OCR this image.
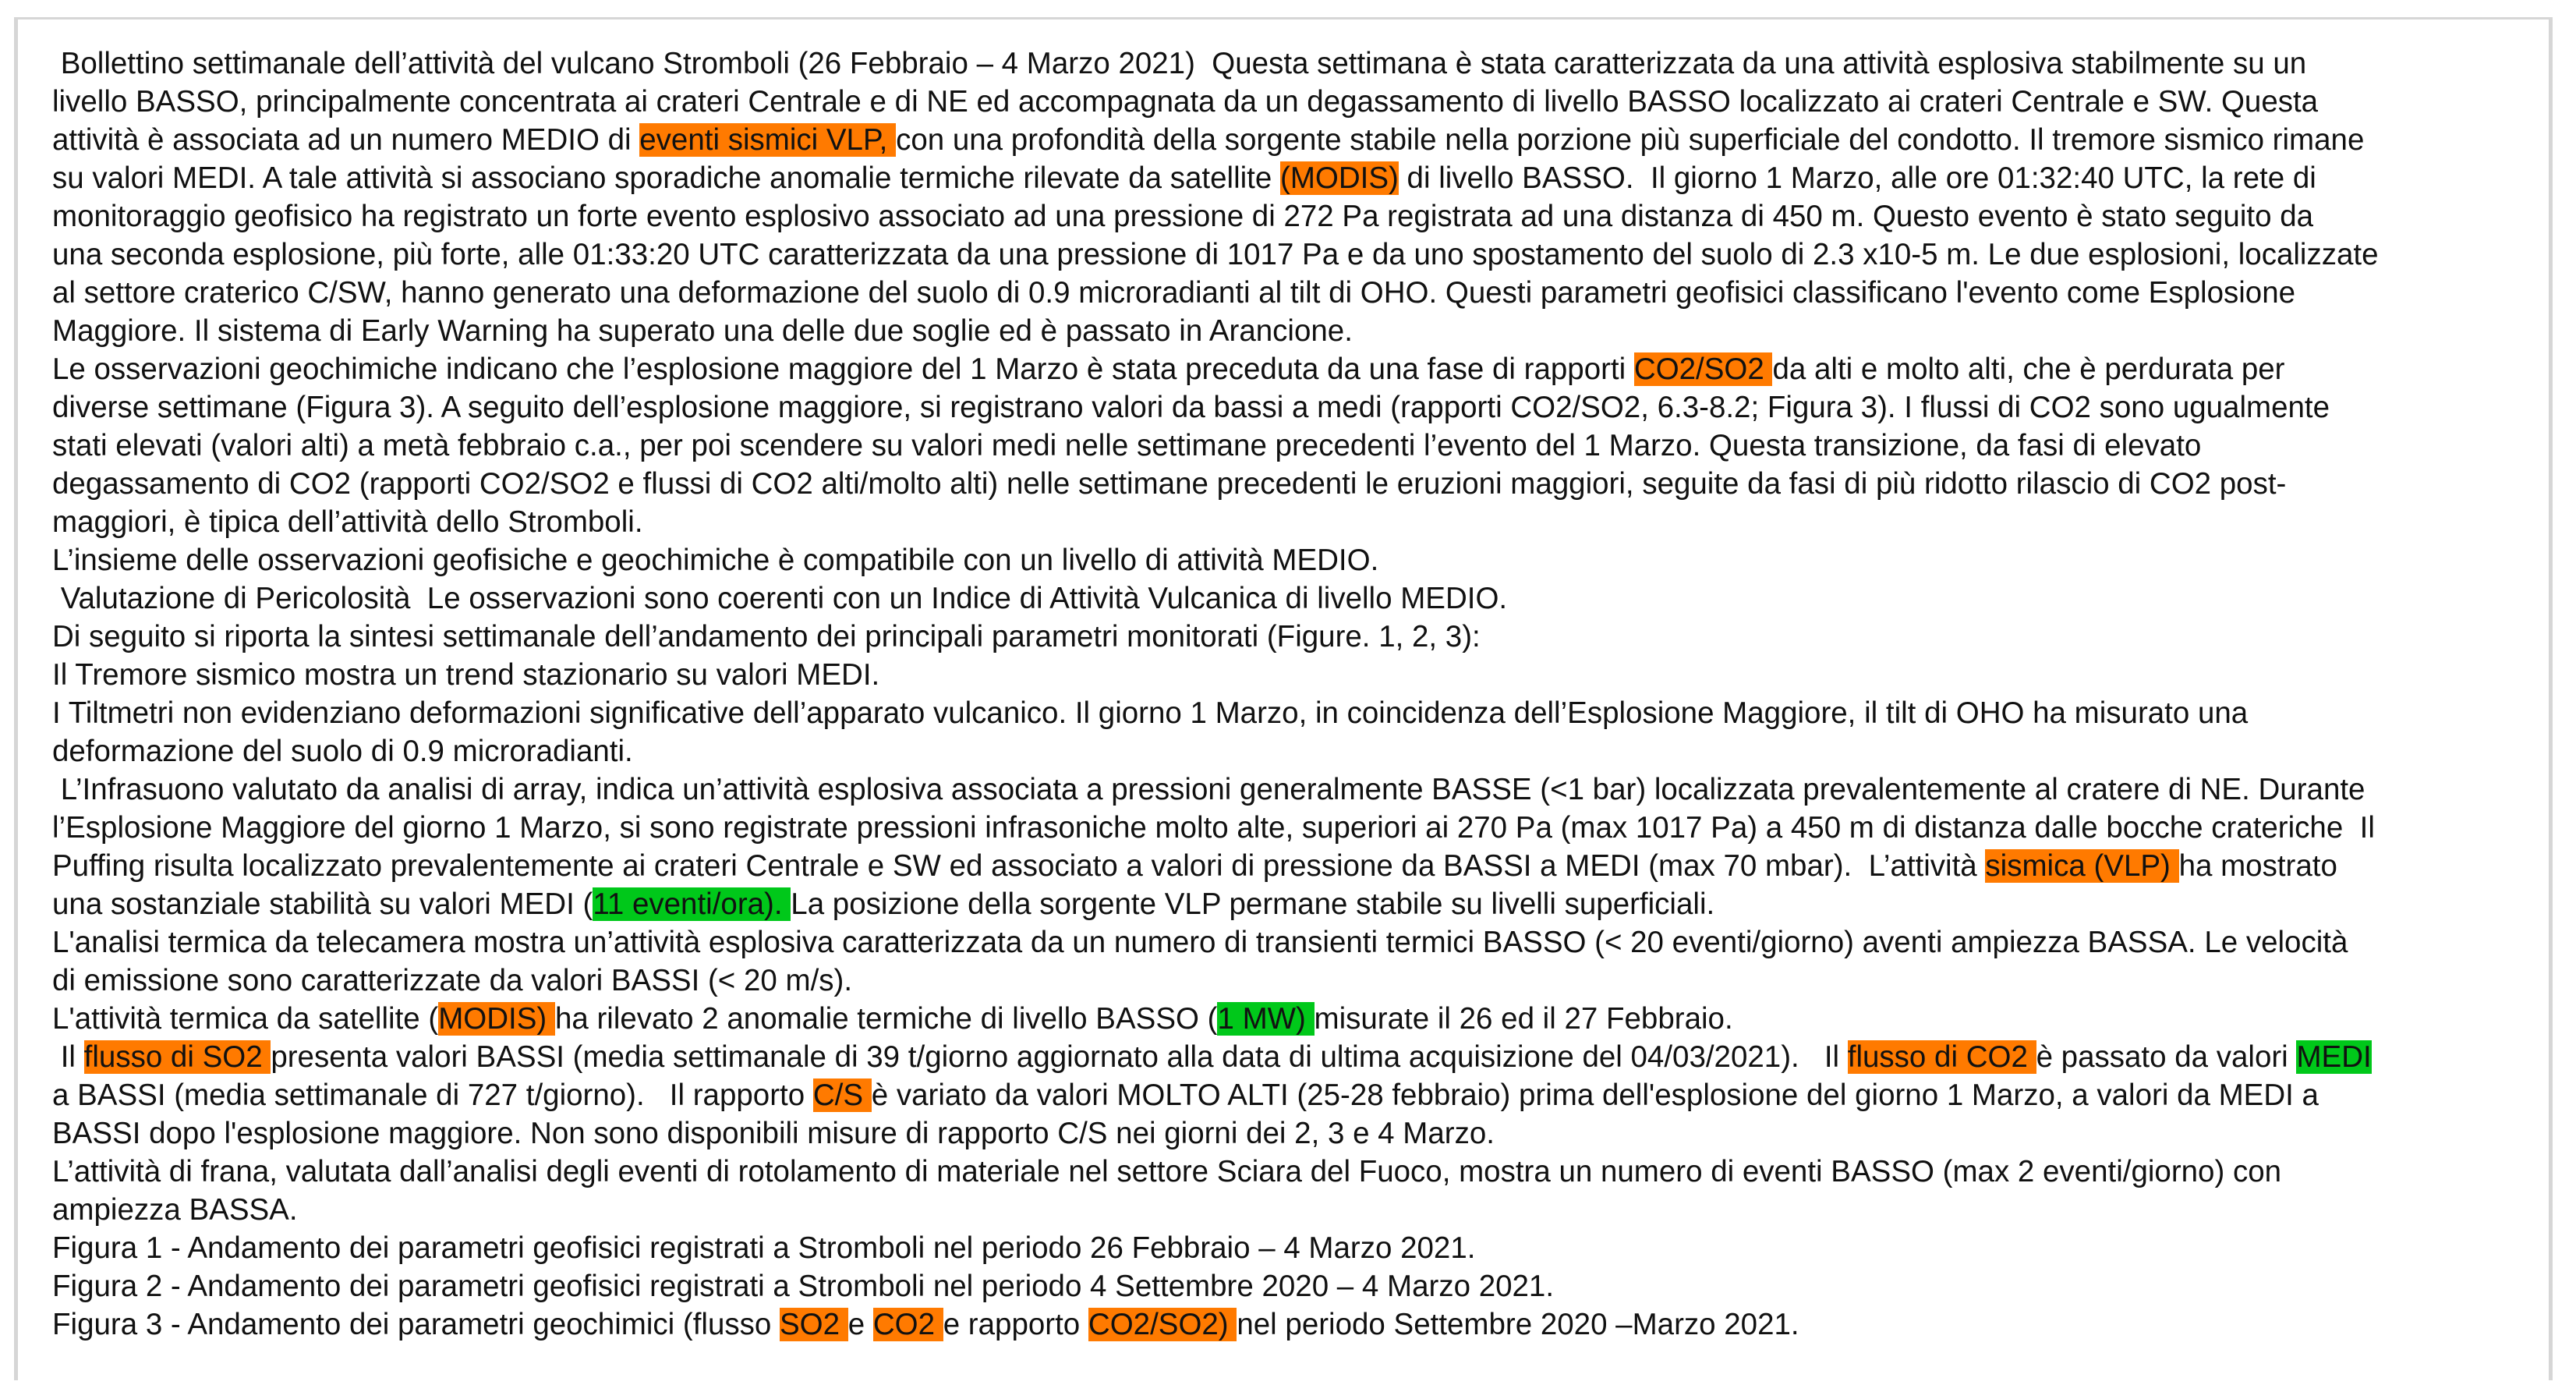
Bollettino settimanale dell’attività del vulcano Stromboli (26 Febbraio – 4 Marzo 2021)  Questa settimana è stata caratterizzata da una attività esplosiva stabilmente su un
livello BASSO, principalmente concentrata ai crateri Centrale e di NE ed accompagnata da un degassamento di livello BASSO localizzato ai crateri Centrale e SW. Questa
attività è associata ad un numero MEDIO di eventi sismici VLP, con una profondità della sorgente stabile nella porzione più superficiale del condotto. Il tremore sismico rimane
su valori MEDI. A tale attività si associano sporadiche anomalie termiche rilevate da satellite (MODIS) di livello BASSO.  Il giorno 1 Marzo, alle ore 01:32:40 UTC, la rete di
monitoraggio geofisico ha registrato un forte evento esplosivo associato ad una pressione di 272 Pa registrata ad una distanza di 450 m. Questo evento è stato seguito da
una seconda esplosione, più forte, alle 01:33:20 UTC caratterizzata da una pressione di 1017 Pa e da uno spostamento del suolo di 2.3 x10-5 m. Le due esplosioni, localizzate
al settore craterico C/SW, hanno generato una deformazione del suolo di 0.9 microradianti al tilt di OHO. Questi parametri geofisici classificano l'evento come Esplosione
Maggiore. Il sistema di Early Warning ha superato una delle due soglie ed è passato in Arancione.
Le osservazioni geochimiche indicano che l’esplosione maggiore del 1 Marzo è stata preceduta da una fase di rapporti CO2/SO2 da alti e molto alti, che è perdurata per
diverse settimane (Figura 3). A seguito dell’esplosione maggiore, si registrano valori da bassi a medi (rapporti CO2/SO2, 6.3-8.2; Figura 3). I flussi di CO2 sono ugualmente
stati elevati (valori alti) a metà febbraio c.a., per poi scendere su valori medi nelle settimane precedenti l’evento del 1 Marzo. Questa transizione, da fasi di elevato
degassamento di CO2 (rapporti CO2/SO2 e flussi di CO2 alti/molto alti) nelle settimane precedenti le eruzioni maggiori, seguite da fasi di più ridotto rilascio di CO2 post-
maggiori, è tipica dell’attività dello Stromboli.
L’insieme delle osservazioni geofisiche e geochimiche è compatibile con un livello di attività MEDIO.
Valutazione di Pericolosità  Le osservazioni sono coerenti con un Indice di Attività Vulcanica di livello MEDIO.
Di seguito si riporta la sintesi settimanale dell’andamento dei principali parametri monitorati (Figure. 1, 2, 3):
Il Tremore sismico mostra un trend stazionario su valori MEDI.
I Tiltmetri non evidenziano deformazioni significative dell’apparato vulcanico. Il giorno 1 Marzo, in coincidenza dell’Esplosione Maggiore, il tilt di OHO ha misurato una
deformazione del suolo di 0.9 microradianti.
L’Infrasuono valutato da analisi di array, indica un’attività esplosiva associata a pressioni generalmente BASSE (<1 bar) localizzata prevalentemente al cratere di NE. Durante
l’Esplosione Maggiore del giorno 1 Marzo, si sono registrate pressioni infrasoniche molto alte, superiori ai 270 Pa (max 1017 Pa) a 450 m di distanza dalle bocche crateriche  Il
Puffing risulta localizzato prevalentemente ai crateri Centrale e SW ed associato a valori di pressione da BASSI a MEDI (max 70 mbar).  L’attività sismica (VLP) ha mostrato
una sostanziale stabilità su valori MEDI (11 eventi/ora). La posizione della sorgente VLP permane stabile su livelli superficiali.
L'analisi termica da telecamera mostra un’attività esplosiva caratterizzata da un numero di transienti termici BASSO (< 20 eventi/giorno) aventi ampiezza BASSA. Le velocità
di emissione sono caratterizzate da valori BASSI (< 20 m/s).
L'attività termica da satellite (MODIS) ha rilevato 2 anomalie termiche di livello BASSO (1 MW) misurate il 26 ed il 27 Febbraio.
Il flusso di SO2 presenta valori BASSI (media settimanale di 39 t/giorno aggiornato alla data di ultima acquisizione del 04/03/2021).   Il flusso di CO2 è passato da valori MEDI
a BASSI (media settimanale di 727 t/giorno).   Il rapporto C/S è variato da valori MOLTO ALTI (25-28 febbraio) prima dell'esplosione del giorno 1 Marzo, a valori da MEDI a
BASSI dopo l'esplosione maggiore. Non sono disponibili misure di rapporto C/S nei giorni dei 2, 3 e 4 Marzo.
L’attività di frana, valutata dall’analisi degli eventi di rotolamento di materiale nel settore Sciara del Fuoco, mostra un numero di eventi BASSO (max 2 eventi/giorno) con
ampiezza BASSA.
Figura 1 - Andamento dei parametri geofisici registrati a Stromboli nel periodo 26 Febbraio – 4 Marzo 2021.
Figura 2 - Andamento dei parametri geofisici registrati a Stromboli nel periodo 4 Settembre 2020 – 4 Marzo 2021.
Figura 3 - Andamento dei parametri geochimici (flusso SO2 e CO2 e rapporto CO2/SO2) nel periodo Settembre 2020 –Marzo 2021.
